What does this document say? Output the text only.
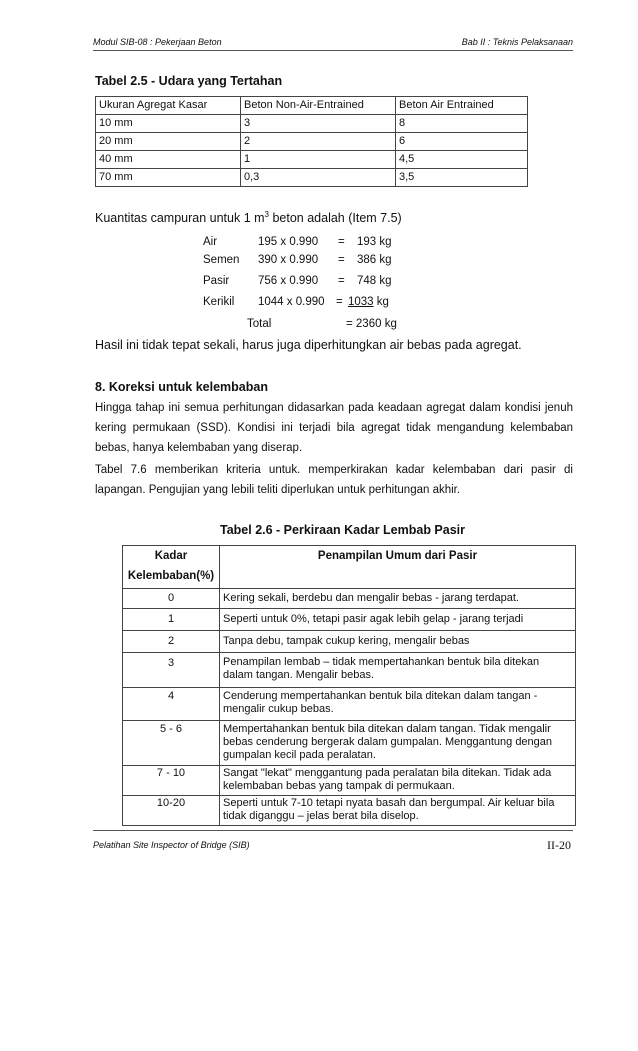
Modul SIB-08 : Pekerjaan Beton	Bab II : Teknis Pelaksanaan
Tabel 2.5 - Udara yang Tertahan
Ukuran Agregat Kasar	Beton Non-Air-Entrained	Beton Air Entrained
10 mm	3	8
20 mm	2	6
40 mm	1	4,5
70 mm	0,3	3,5
Kuantitas campuran untuk 1 $m^3$ beton adalah (Item 7.5)
Air	195 x 0.990 = 193 kg
Semen 390 x 0.990 = 386 kg
Pasir	756 x 0.990 = 748 kg
Kerikil 1044 x 0.990 = 1033 kg
Total	= 2360 kg
Hasil ini tidak tepat sekali, harus juga diperhitungkan air bebas pada agregat.
8. Koreksi untuk kelembaban
Hingga tahap ini semua perhitungan didasarkan pada keadaan agregat dalam kondisi jenuh kering permukaan (SSD). Kondisi ini terjadi bila agregat tidak mengandung kelembaban bebas, hanya kelembaban yang diserap.
Tabel 7.6 memberikan kriteria untuk. memperkirakan kadar kelembaban dari pasir di lapangan. Pengujian yang lebili teliti diperlukan untuk perhitungan akhir.
Tabel 2.6 - Perkiraan Kadar Lembab Pasir
Kadar
Kelembaban(%)	Penampilan Umum dari Pasir
0	Kering sekali, berdebu dan mengalir bebas - jarang terdapat.
1	Seperti untuk 0%, tetapi pasir agak lebih gelap - jarang terjadi
2	Tanpa debu, tampak cukup kering, mengalir bebas
3	Penampilan lembab – tidak mempertahankan bentuk bila ditekan dalam tangan. Mengalir bebas.
4	Cenderung mempertahankan bentuk bila ditekan dalam tangan - mengalir cukup bebas.
5 - 6	Mempertahankan bentuk bila ditekan dalam tangan. Tidak mengalir bebas cenderung bergerak dalam gumpalan. Menggantung dengan gumpalan kecil pada peralatan.
7 - 10	Sangat "lekat" menggantung pada peralatan bila ditekan. Tidak ada kelembaban bebas yang tampak di permukaan.
10-20	Seperti untuk 7-10 tetapi nyata basah dan bergumpal. Air keluar bila tidak diganggu – jelas berat bila diselop.
Pelatihan Site Inspector of Bridge (SIB)	II-20
